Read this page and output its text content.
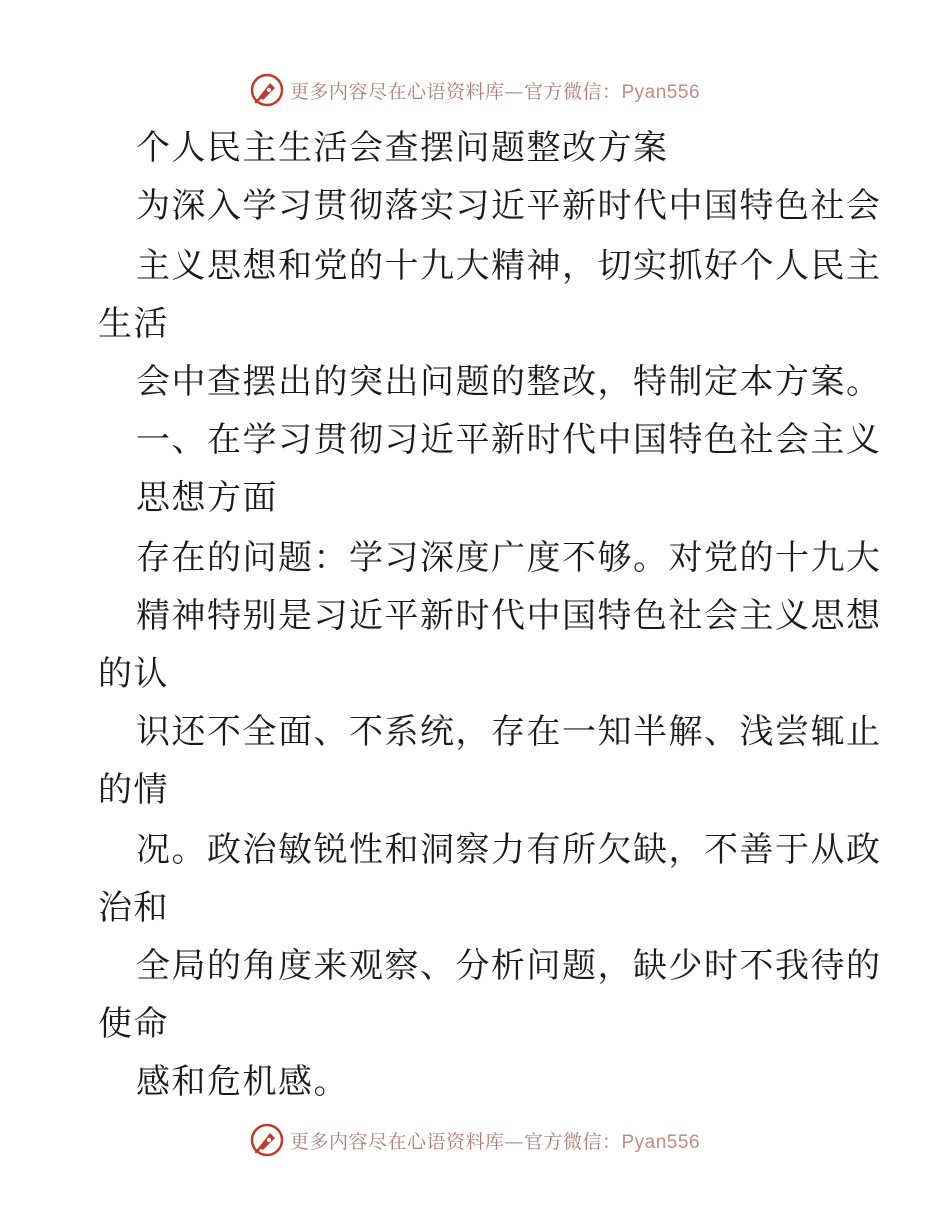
更多内容尽在心语资料库—官方微信：Pyan556
个人民主生活会查摆问题整改方案
为深入学习贯彻落实习近平新时代中国特色社会
主义思想和党的十九大精神，切实抓好个人民主
生活
会中查摆出的突出问题的整改，特制定本方案。
一、在学习贯彻习近平新时代中国特色社会主义
思想方面
存在的问题：学习深度广度不够。对党的十九大
精神特别是习近平新时代中国特色社会主义思想
的认
识还不全面、不系统，存在一知半解、浅尝辄止
的情
况。政治敏锐性和洞察力有所欠缺，不善于从政
治和
全局的角度来观察、分析问题，缺少时不我待的
使命
感和危机感。
更多内容尽在心语资料库—官方微信：Pyan556
